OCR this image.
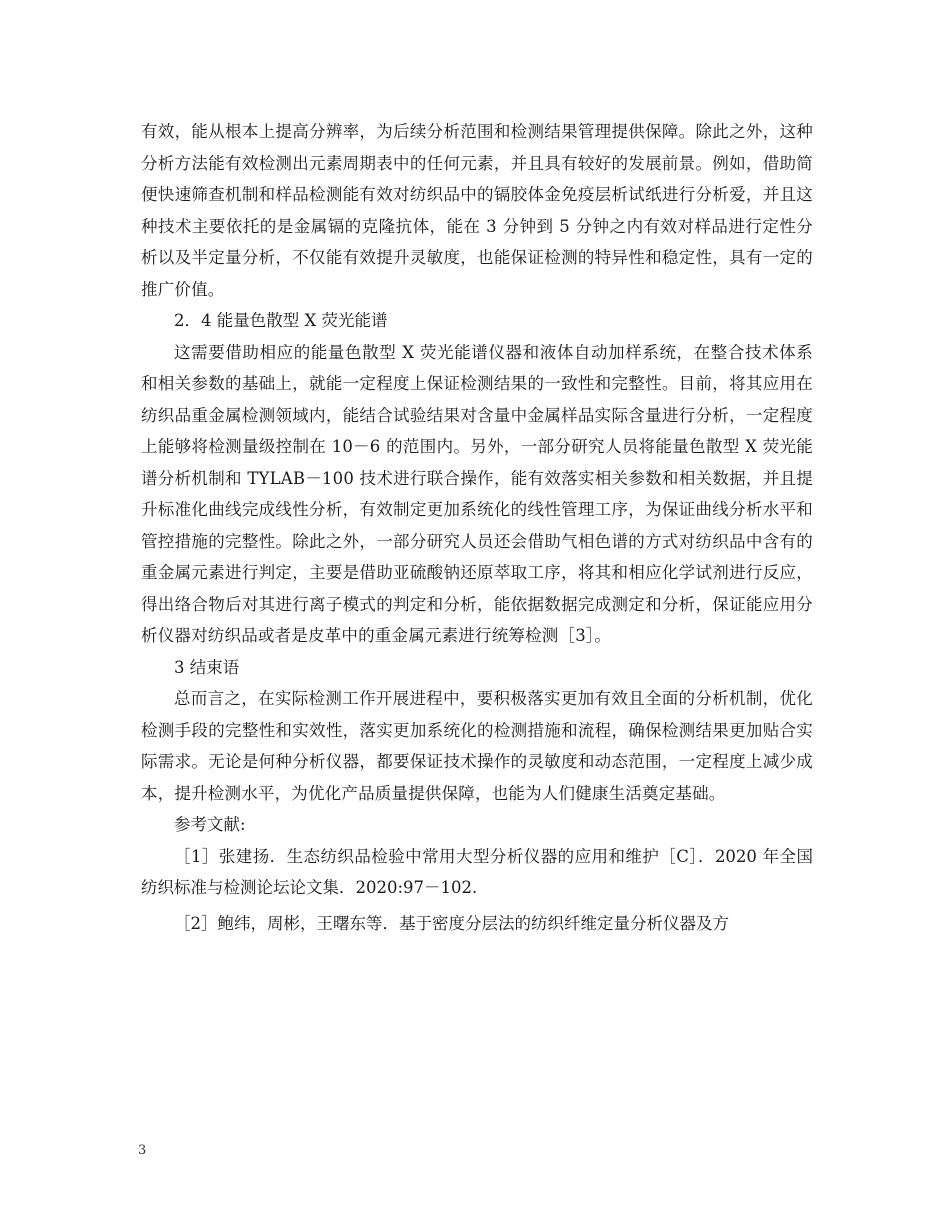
有效，能从根本上提高分辨率，为后续分析范围和检测结果管理提供保障。除此之外，这种分析方法能有效检测出元素周期表中的任何元素，并且具有较好的发展前景。例如，借助简便快速筛查机制和样品检测能有效对纺织品中的镉胶体金免疫层析试纸进行分析爱，并且这种技术主要依托的是金属镉的克隆抗体，能在 3 分钟到 5 分钟之内有效对样品进行定性分析以及半定量分析，不仅能有效提升灵敏度，也能保证检测的特异性和稳定性，具有一定的推广价值。

2．4 能量色散型 X 荧光能谱

这需要借助相应的能量色散型 X 荧光能谱仪器和液体自动加样系统，在整合技术体系和相关参数的基础上，就能一定程度上保证检测结果的一致性和完整性。目前，将其应用在纺织品重金属检测领域内，能结合试验结果对含量中金属样品实际含量进行分析，一定程度上能够将检测量级控制在 10－6 的范围内。另外，一部分研究人员将能量色散型 X 荧光能谱分析机制和 TYLAB－100 技术进行联合操作，能有效落实相关参数和相关数据，并且提升标准化曲线完成线性分析，有效制定更加系统化的线性管理工序，为保证曲线分析水平和管控措施的完整性。除此之外，一部分研究人员还会借助气相色谱的方式对纺织品中含有的重金属元素进行判定，主要是借助亚硫酸钠还原萃取工序，将其和相应化学试剂进行反应，得出络合物后对其进行离子模式的判定和分析，能依据数据完成测定和分析，保证能应用分析仪器对纺织品或者是皮革中的重金属元素进行统筹检测［3］。

3 结束语

总而言之，在实际检测工作开展进程中，要积极落实更加有效且全面的分析机制，优化检测手段的完整性和实效性，落实更加系统化的检测措施和流程，确保检测结果更加贴合实际需求。无论是何种分析仪器，都要保证技术操作的灵敏度和动态范围，一定程度上减少成本，提升检测水平，为优化产品质量提供保障，也能为人们健康生活奠定基础。

参考文献:

［1］张建扬．生态纺织品检验中常用大型分析仪器的应用和维护［C］．2020 年全国纺织标准与检测论坛论文集．2020:97－102.

［2］鲍纬，周彬，王曙东等．基于密度分层法的纺织纤维定量分析仪器及方

3
